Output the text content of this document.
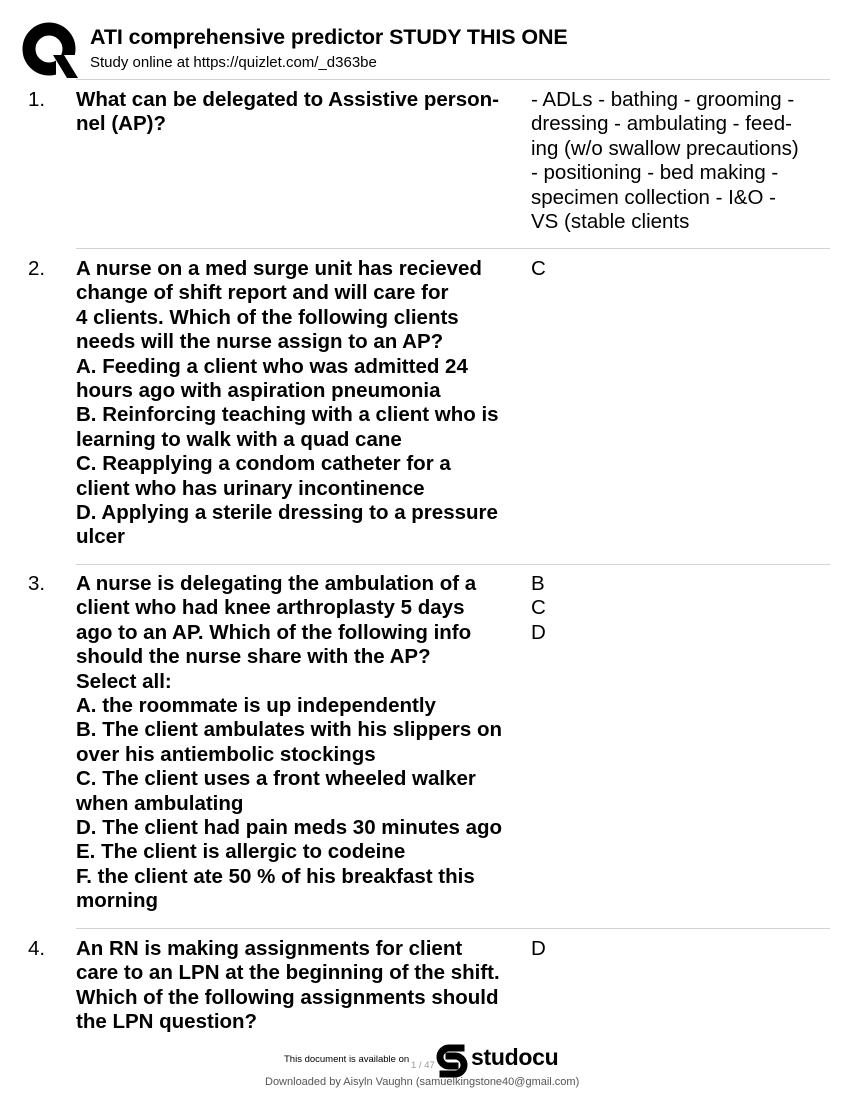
ATI comprehensive predictor STUDY THIS ONE
Study online at https://quizlet.com/_d363be
1. What can be delegated to Assistive person-
nel (AP)?
- ADLs - bathing - grooming -
dressing - ambulating - feed-
ing (w/o swallow precautions)
- positioning - bed making -
specimen collection - I&O -
VS (stable clients
2. A nurse on a med surge unit has recieved
change of shift report and will care for
4 clients. Which of the following clients
needs will the nurse assign to an AP?
A. Feeding a client who was admitted 24
hours ago with aspiration pneumonia
B. Reinforcing teaching with a client who is
learning to walk with a quad cane
C. Reapplying a condom catheter for a
client who has urinary incontinence
D. Applying a sterile dressing to a pressure
ulcer
C
3. A nurse is delegating the ambulation of a
client who had knee arthroplasty 5 days
ago to an AP. Which of the following info
should the nurse share with the AP?
Select all:
A. the roommate is up independently
B. The client ambulates with his slippers on
over his antiembolic stockings
C. The client uses a front wheeled walker
when ambulating
D. The client had pain meds 30 minutes ago
E. The client is allergic to codeine
F. the client ate 50 % of his breakfast this
morning
B
C
D
4. An RN is making assignments for client
care to an LPN at the beginning of the shift.
Which of the following assignments should
the LPN question?
D
This document is available on
1 / 47 studocu
Downloaded by Aisyln Vaughn (samuelkingstone40@gmail.com)
